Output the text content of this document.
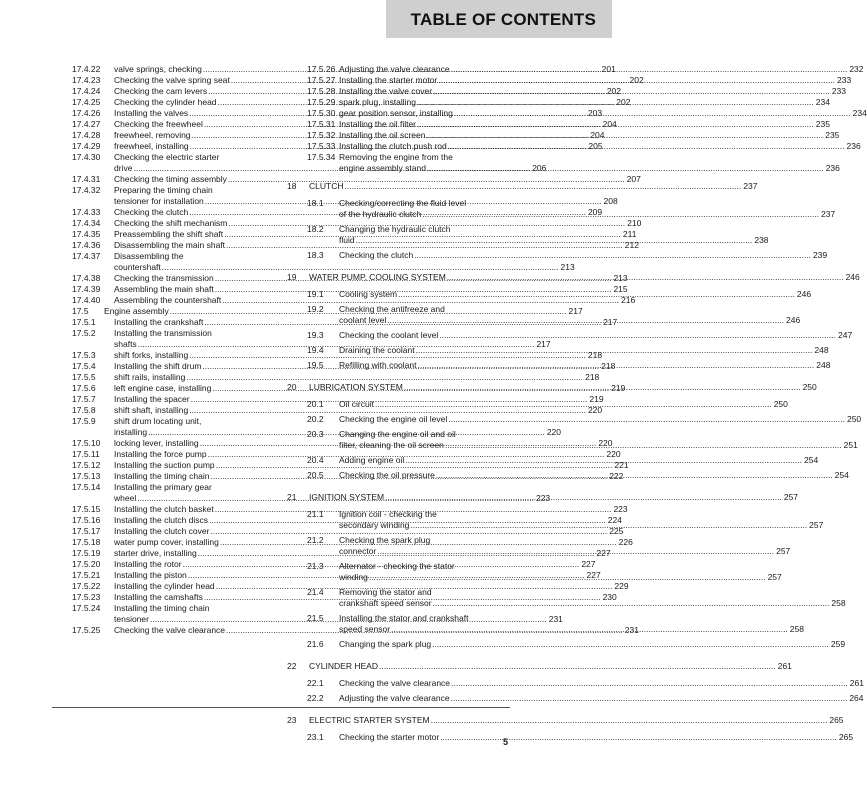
TABLE OF CONTENTS
17.4.22	valve springs, checking .....	201
17.4.23	Checking the valve spring seat .....	202
17.4.24	Checking the cam levers .....	202
17.4.25	Checking the cylinder head .....	202
17.4.26	Installing the valves .....	203
17.4.27	Checking the freewheel .....	204
17.4.28	freewheel, removing .....	204
17.4.29	freewheel, installing .....	205
17.4.30	Checking the electric starter
drive .....	206
17.4.31	Checking the timing assembly .....	207
17.4.32	Preparing the timing chain
tensioner for installation .....	208
17.4.33	Checking the clutch .....	209
17.4.34	Checking the shift mechanism .....	210
17.4.35	Preassembling the shift shaft .....	211
17.4.36	Disassembling the main shaft .....	212
17.4.37	Disassembling the
countershaft .....	213
17.4.38	Checking the transmission .....	213
17.4.39	Assembling the main shaft .....	215
17.4.40	Assembling the countershaft .....	216
17.5	Engine assembly .....	217
17.5.1	Installing the crankshaft .....	217
17.5.2	Installing the transmission
shafts .....	217
17.5.3	shift forks, installing .....	218
17.5.4	Installing the shift drum .....	218
17.5.5	shift rails, installing .....	218
17.5.6	left engine case, installing .....	219
17.5.7	Installing the spacer .....	219
17.5.8	shift shaft, installing .....	220
17.5.9	shift drum locating unit,
installing .....	220
17.5.10	locking lever, installing .....	220
17.5.11	Installing the force pump .....	220
17.5.12	Installing the suction pump .....	221
17.5.13	Installing the timing chain .....	222
17.5.14	Installing the primary gear
wheel .....	223
17.5.15	Installing the clutch basket .....	223
17.5.16	Installing the clutch discs .....	224
17.5.17	Installing the clutch cover .....	225
17.5.18	water pump cover, installing .....	226
17.5.19	starter drive, installing .....	227
17.5.20	Installing the rotor .....	227
17.5.21	Installing the piston .....	227
17.5.22	Installing the cylinder head .....	229
17.5.23	Installing the camshafts .....	230
17.5.24	Installing the timing chain
tensioner .....	231
17.5.25	Checking the valve clearance .....	231
17.5.26 Adjusting the valve clearance .....	232
17.5.27 Installing the starter motor .....	233
17.5.28 Installing the valve cover .....	233
17.5.29 spark plug, installing .....	234
17.5.30 gear position sensor, installing .....	234
17.5.31 Installing the oil filter .....	235
17.5.32 Installing the oil screen .....	235
17.5.33 Installing the clutch push rod .....	236
17.5.34 Removing the engine from the
engine assembly stand .....	236
18	CLUTCH .....	237
18.1	Checking/correcting the fluid level
of the hydraulic clutch .....	237
18.2	Changing the hydraulic clutch
fluid .....	238
18.3	Checking the clutch .....	239
19	WATER PUMP, COOLING SYSTEM .....	246
19.1	Cooling system .....	246
19.2	Checking the antifreeze and
coolant level .....	246
19.3	Checking the coolant level .....	247
19.4	Draining the coolant .....	248
19.5	Refilling with coolant .....	248
20	LUBRICATION SYSTEM .....	250
20.1	Oil circuit .....	250
20.2	Checking the engine oil level .....	250
20.3	Changing the engine oil and oil
filter, cleaning the oil screen .....	251
20.4	Adding engine oil .....	254
20.5	Checking the oil pressure .....	254
21	IGNITION SYSTEM .....	257
21.1	Ignition coil - checking the
secondary winding .....	257
21.2	Checking the spark plug
connector .....	257
21.3	Alternator - checking the stator
winding .....	257
21.4	Removing the stator and
crankshaft speed sensor .....	258
21.5	Installing the stator and crankshaft
speed sensor .....	258
21.6	Changing the spark plug .....	259
22	CYLINDER HEAD .....	261
22.1	Checking the valve clearance .....	261
22.2	Adjusting the valve clearance .....	264
23	ELECTRIC STARTER SYSTEM .....	265
23.1	Checking the starter motor .....	265
5
